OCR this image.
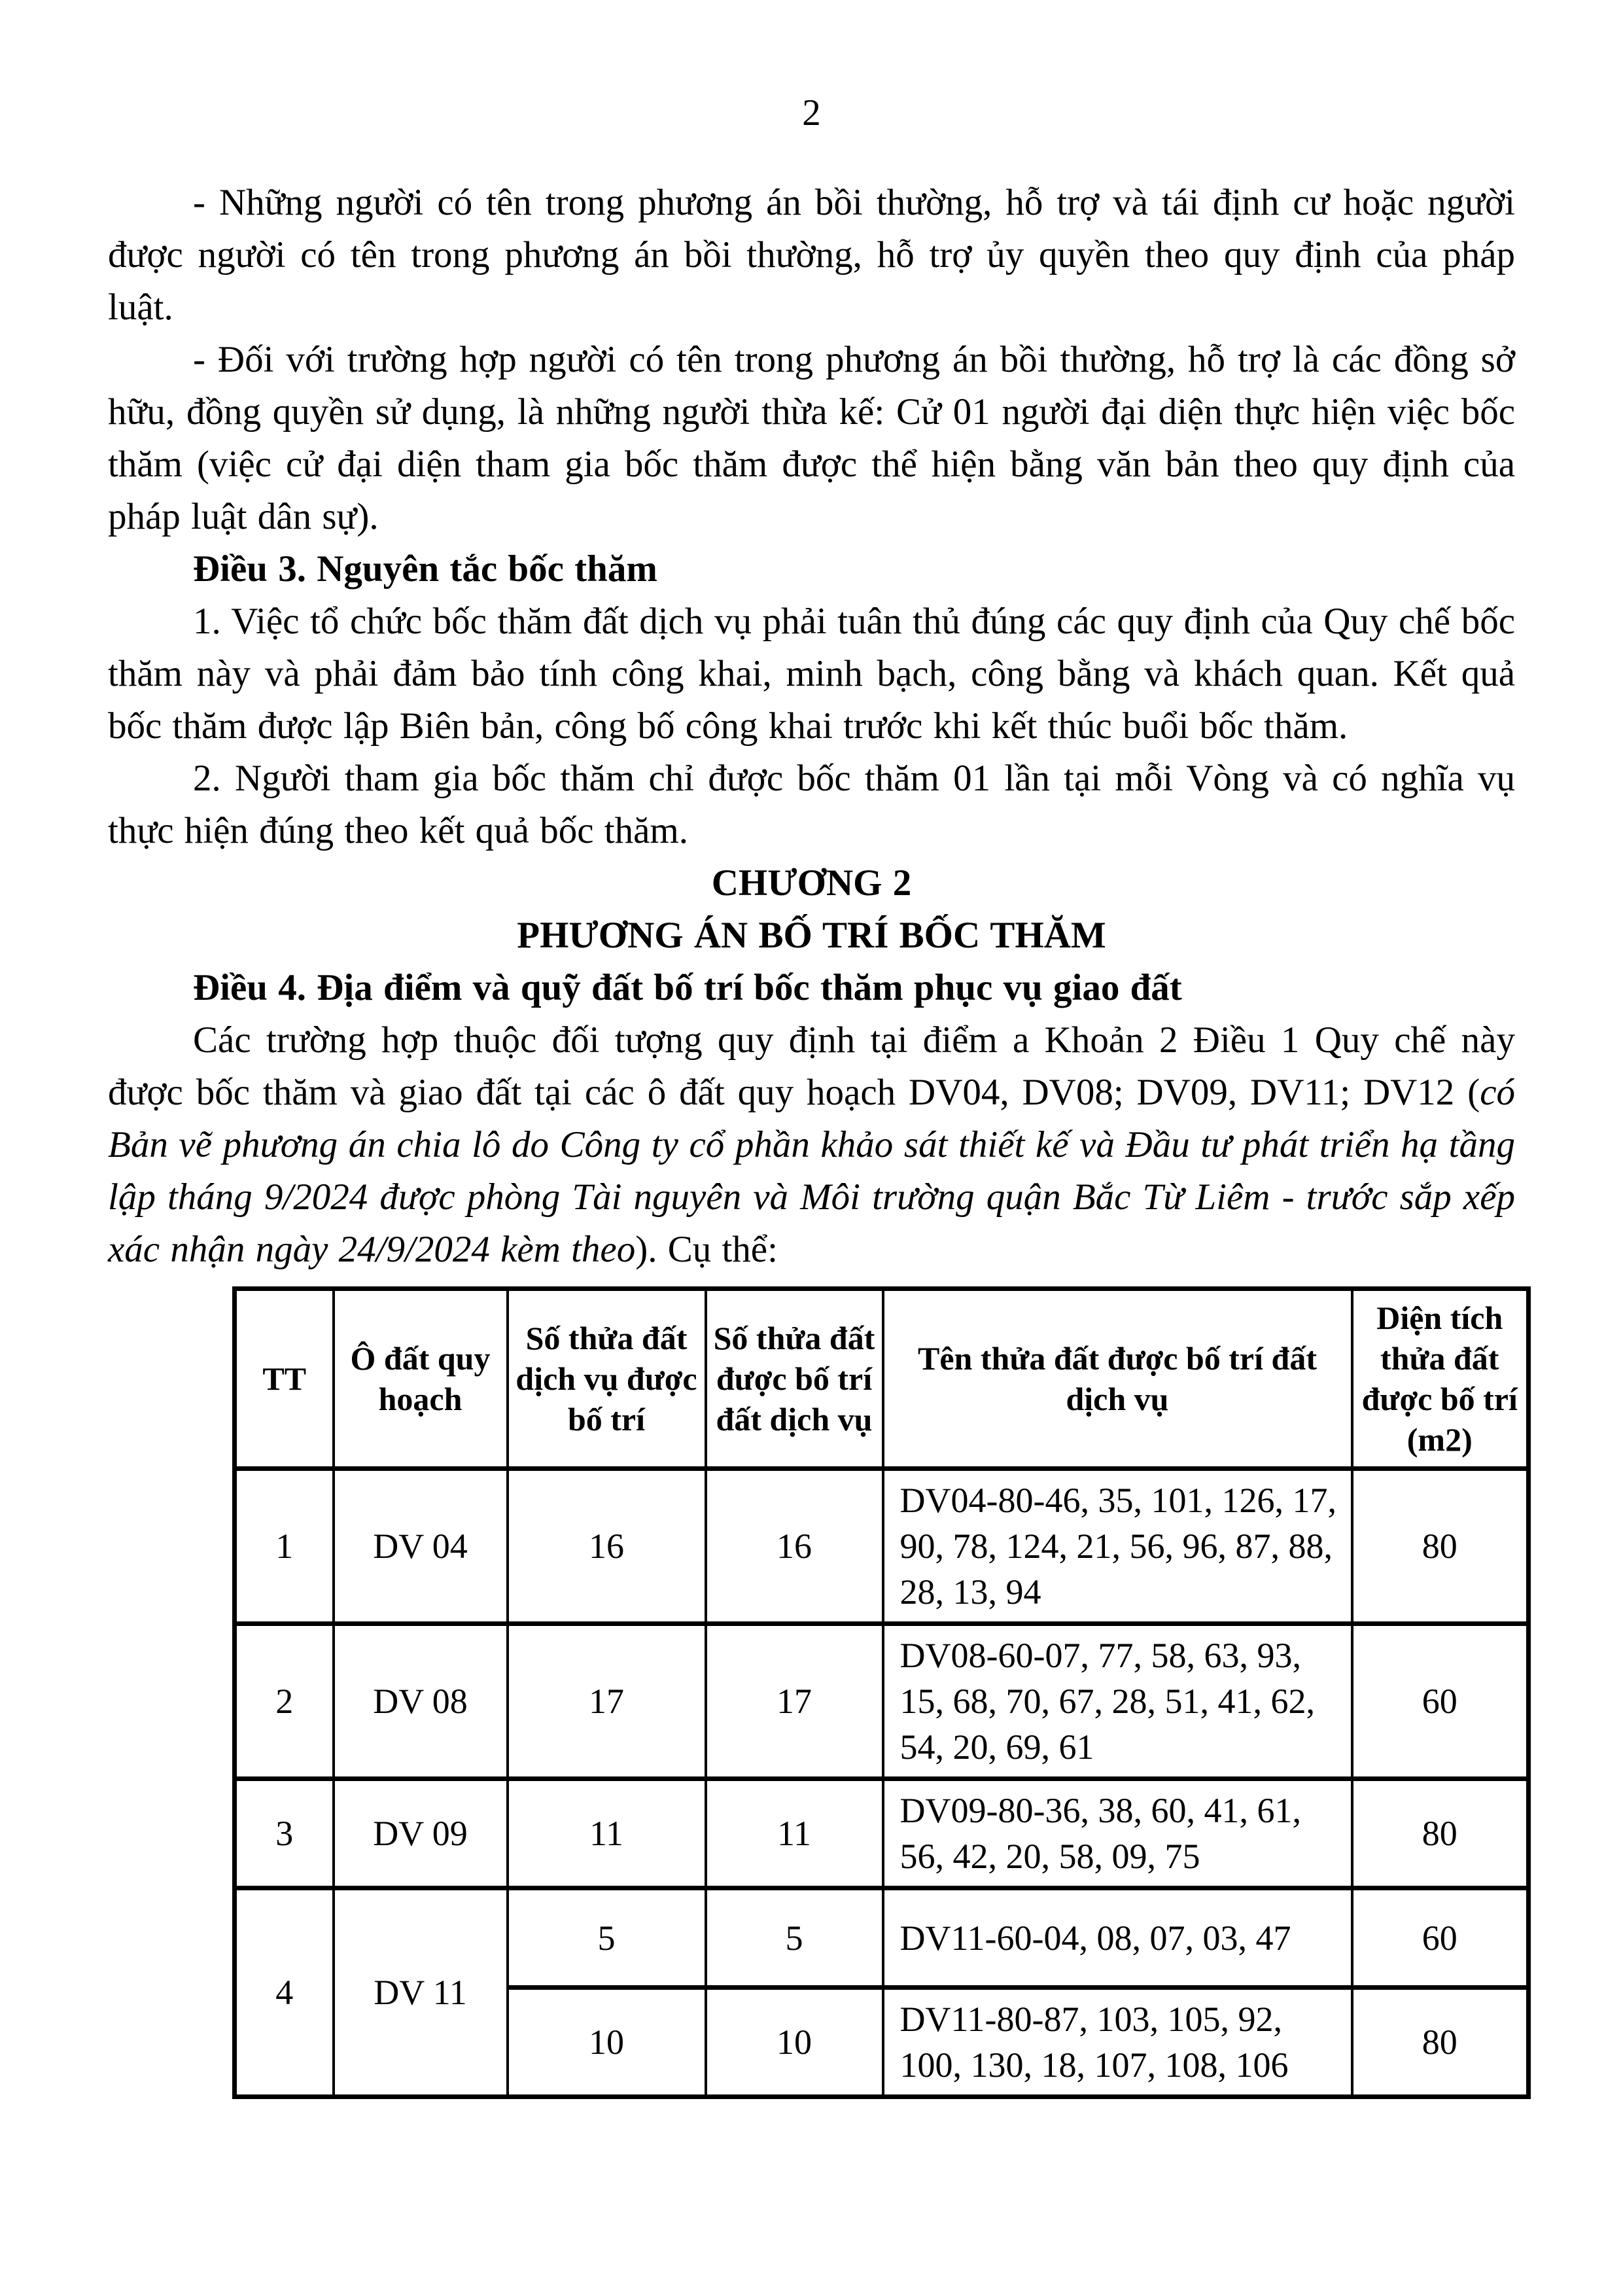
2

- Những người có tên trong phương án bồi thường, hỗ trợ và tái định cư hoặc người được người có tên trong phương án bồi thường, hỗ trợ ủy quyền theo quy định của pháp luật.

- Đối với trường hợp người có tên trong phương án bồi thường, hỗ trợ là các đồng sở hữu, đồng quyền sử dụng, là những người thừa kế: Cử 01 người đại diện thực hiện việc bốc thăm (việc cử đại diện tham gia bốc thăm được thể hiện bằng văn bản theo quy định của pháp luật dân sự).

Điều 3. Nguyên tắc bốc thăm

1. Việc tổ chức bốc thăm đất dịch vụ phải tuân thủ đúng các quy định của Quy chế bốc thăm này và phải đảm bảo tính công khai, minh bạch, công bằng và khách quan. Kết quả bốc thăm được lập Biên bản, công bố công khai trước khi kết thúc buổi bốc thăm.

2. Người tham gia bốc thăm chỉ được bốc thăm 01 lần tại mỗi Vòng và có nghĩa vụ thực hiện đúng theo kết quả bốc thăm.

CHƯƠNG 2

PHƯƠNG ÁN BỐ TRÍ BỐC THĂM

Điều 4. Địa điểm và quỹ đất bố trí bốc thăm phục vụ giao đất

Các trường hợp thuộc đối tượng quy định tại điểm a Khoản 2 Điều 1 Quy chế này được bốc thăm và giao đất tại các ô đất quy hoạch DV04, DV08; DV09, DV11; DV12 (có Bản vẽ phương án chia lô do Công ty cổ phần khảo sát thiết kế và Đầu tư phát triển hạ tầng lập tháng 9/2024 được phòng Tài nguyên và Môi trường quận Bắc Từ Liêm - trước sắp xếp xác nhận ngày 24/9/2024 kèm theo). Cụ thể:

TT	Ô đất quy hoạch	Số thửa đất dịch vụ được bố trí	Số thửa đất được bố trí đất dịch vụ	Tên thửa đất được bố trí đất dịch vụ	Diện tích thửa đất được bố trí (m2)
1	DV 04	16	16	DV04-80-46, 35, 101, 126, 17, 90, 78, 124, 21, 56, 96, 87, 88, 28, 13, 94	80
2	DV 08	17	17	DV08-60-07, 77, 58, 63, 93, 15, 68, 70, 67, 28, 51, 41, 62, 54, 20, 69, 61	60
3	DV 09	11	11	DV09-80-36, 38, 60, 41, 61, 56, 42, 20, 58, 09, 75	80
4	DV 11	5	5	DV11-60-04, 08, 07, 03, 47	60
		10	10	DV11-80-87, 103, 105, 92, 100, 130, 18, 107, 108, 106	80
